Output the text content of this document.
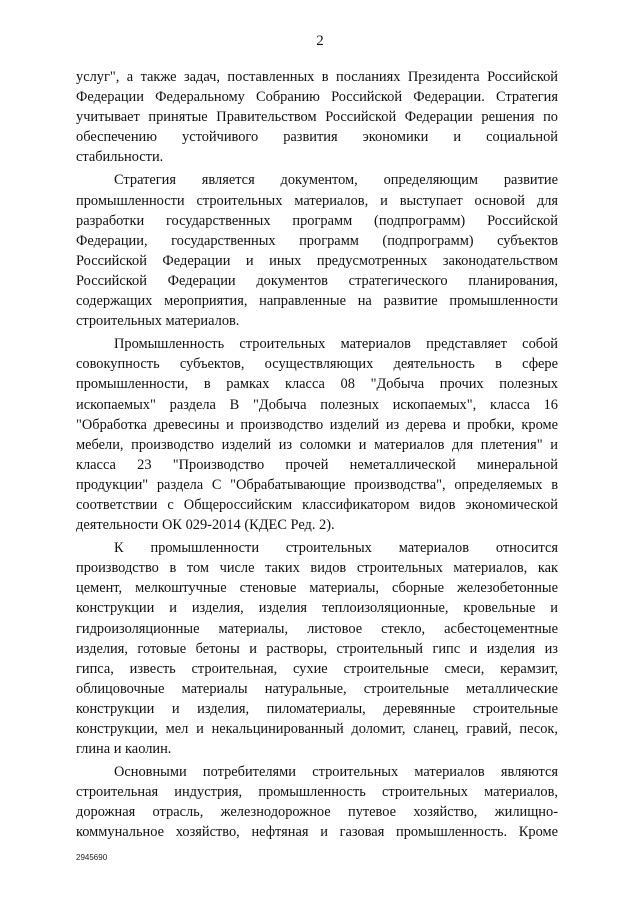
2
услуг", а также задач, поставленных в посланиях Президента Российской
Федерации Федеральному Собранию Российской Федерации. Стратегия
учитывает принятые Правительством Российской Федерации решения по
обеспечению устойчивого развития экономики и социальной
стабильности.
Стратегия является документом, определяющим развитие
промышленности строительных материалов, и выступает основой для
разработки государственных программ (подпрограмм) Российской
Федерации, государственных программ (подпрограмм) субъектов
Российской Федерации и иных предусмотренных законодательством
Российской Федерации документов стратегического планирования,
содержащих мероприятия, направленные на развитие промышленности
строительных материалов.
Промышленность строительных материалов представляет собой
совокупность субъектов, осуществляющих деятельность в сфере
промышленности, в рамках класса 08 "Добыча прочих полезных
ископаемых" раздела B "Добыча полезных ископаемых", класса 16
"Обработка древесины и производство изделий из дерева и пробки, кроме
мебели, производство изделий из соломки и материалов для плетения" и
класса 23 "Производство прочей неметаллической минеральной
продукции" раздела C "Обрабатывающие производства", определяемых в
соответствии с Общероссийским классификатором видов экономической
деятельности ОК 029-2014 (КДЕС Ред. 2).
К промышленности строительных материалов относится
производство в том числе таких видов строительных материалов, как
цемент, мелкоштучные стеновые материалы, сборные железобетонные
конструкции и изделия, изделия теплоизоляционные, кровельные и
гидроизоляционные материалы, листовое стекло, асбестоцементные
изделия, готовые бетоны и растворы, строительный гипс и изделия из
гипса, известь строительная, сухие строительные смеси, керамзит,
облицовочные материалы натуральные, строительные металлические
конструкции и изделия, пиломатериалы, деревянные строительные
конструкции, мел и некальцинированный доломит, сланец, гравий, песок,
глина и каолин.
Основными потребителями строительных материалов являются
строительная индустрия, промышленность строительных материалов,
дорожная отрасль, железнодорожное путевое хозяйство, жилищно-
коммунальное хозяйство, нефтяная и газовая промышленность. Кроме
2945690
